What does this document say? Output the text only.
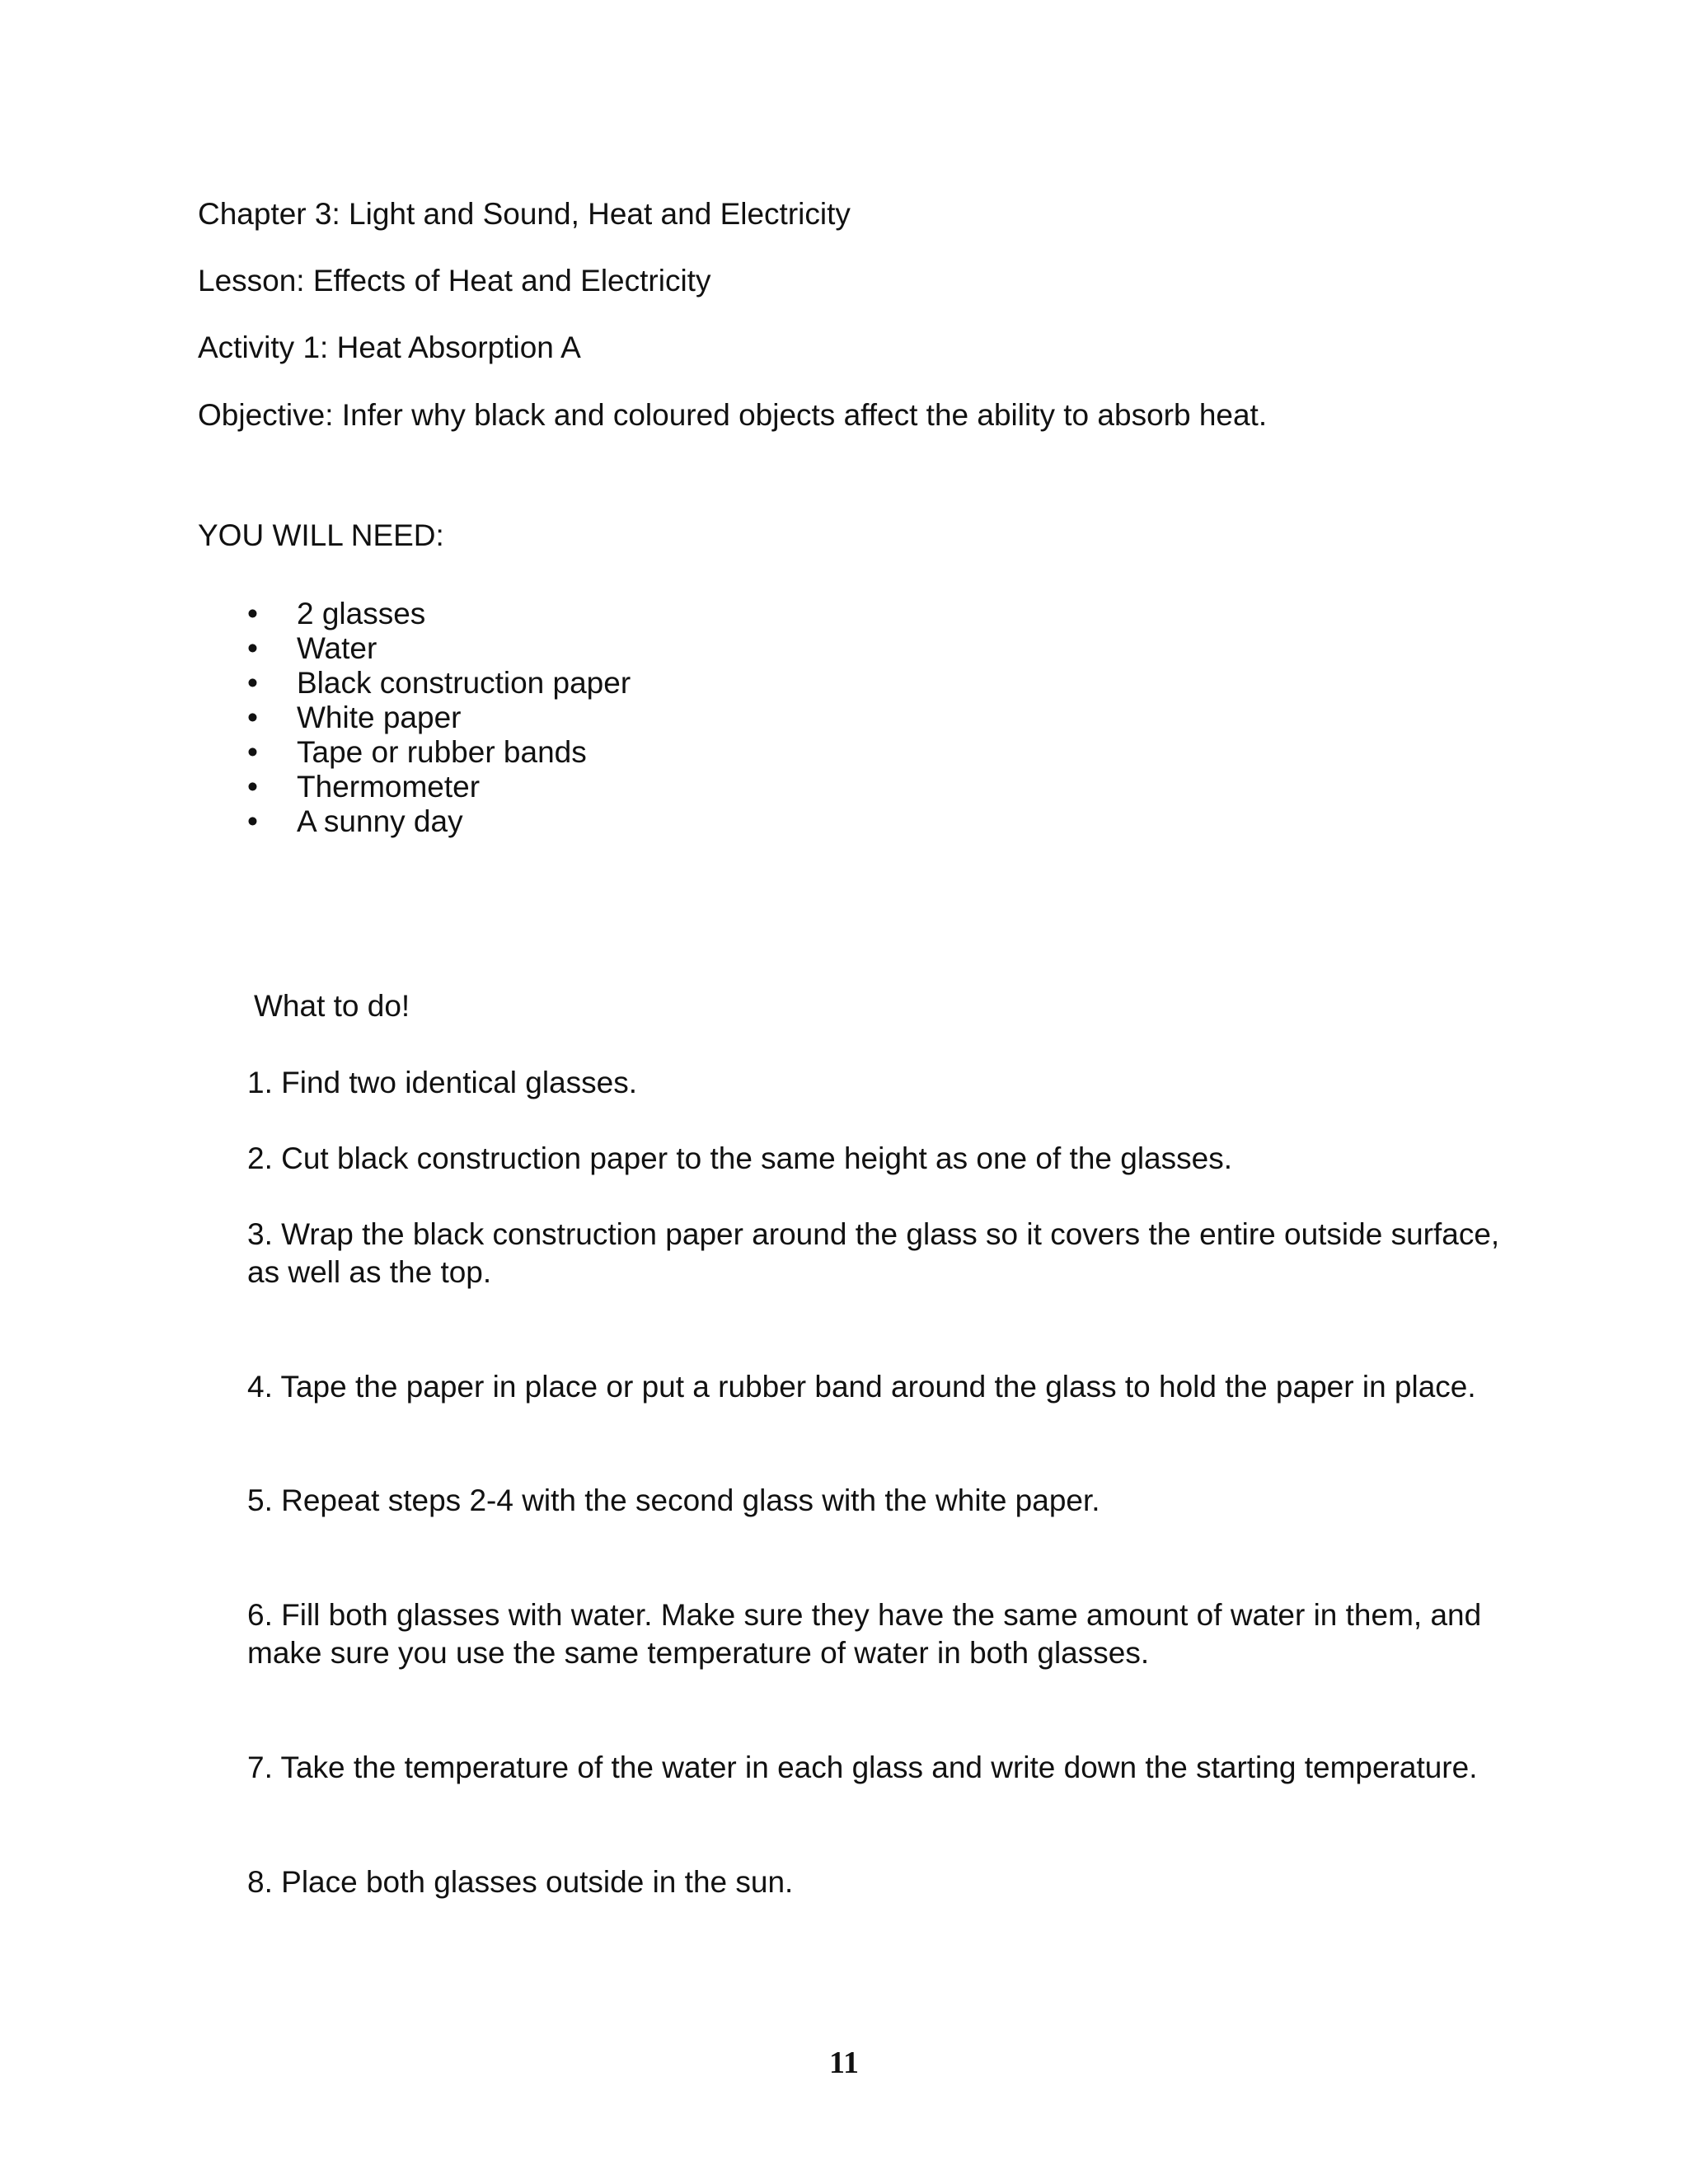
Chapter 3: Light and Sound, Heat and Electricity

Lesson: Effects of Heat and Electricity

Activity 1: Heat Absorption A

Objective: Infer why black and coloured objects affect the ability to absorb heat.

YOU WILL NEED:

• 2 glasses
• Water
• Black construction paper
• White paper
• Tape or rubber bands
• Thermometer
• A sunny day

What to do!

1. Find two identical glasses.

2. Cut black construction paper to the same height as one of the glasses.

3. Wrap the black construction paper around the glass so it covers the entire outside surface, as well as the top.

4. Tape the paper in place or put a rubber band around the glass to hold the paper in place.

5. Repeat steps 2-4 with the second glass with the white paper.

6. Fill both glasses with water. Make sure they have the same amount of water in them, and make sure you use the same temperature of water in both glasses.

7. Take the temperature of the water in each glass and write down the starting temperature.

8. Place both glasses outside in the sun.

11
